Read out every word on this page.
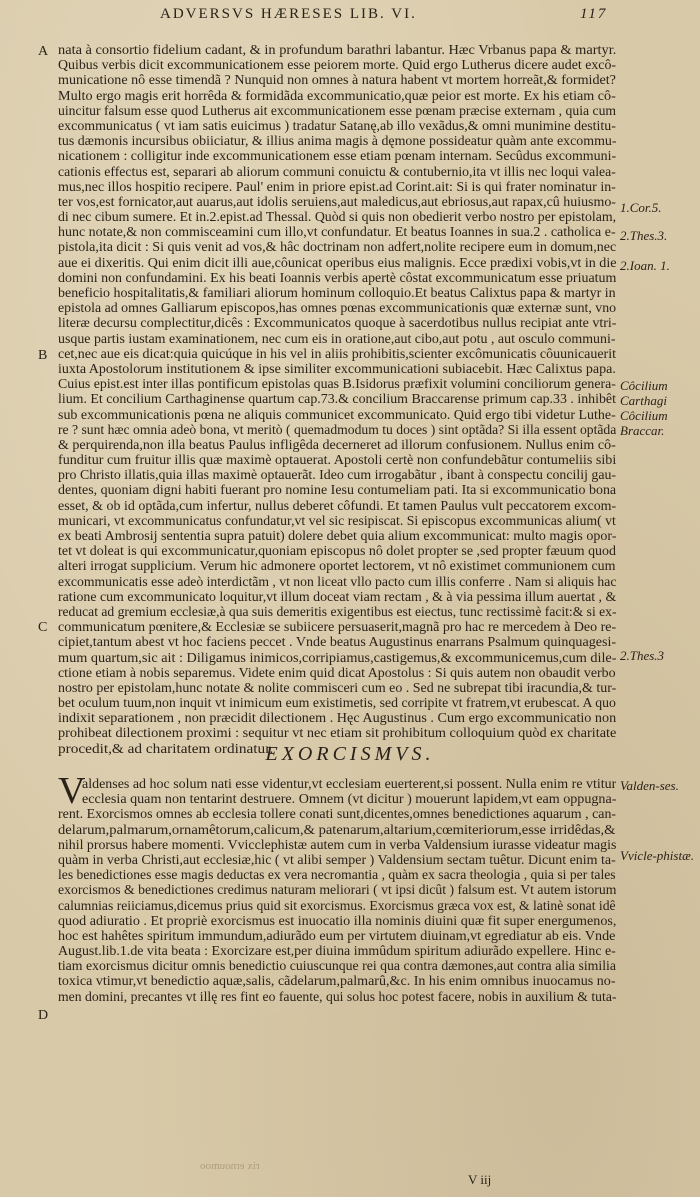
ADVERSVS HÆRESES LIB. VI.	117
A
B
C
D
nata à consortio fidelium cadant, & in profundum barathri labantur. Hæc Vrbanus papa & martyr.
Quibus verbis dicit excommunicationem esse peiorem morte. Quid ergo Lutherus dicere audet excô-
municatione nô esse timendã ? Nunquid non omnes à natura habent vt mortem horreãt,& formidet?
Multo ergo magis erit horrêda & formidãda excommunicatio,quæ peior est morte. Ex his etiam cô-
uincitur falsum esse quod Lutherus ait excommunicationem esse pœnam præcise externam , quia cum
excommunicatus ( vt iam satis euicimus ) tradatur Satanę,ab illo vexãdus,& omni munimine destitu-
tus dæmonis incursibus obiiciatur, & illius anima magis à dęmone possideatur quàm ante excommu-
nicationem : colligitur inde excommunicationem esse etiam pœnam internam. Secûdus excommuni-
cationis effectus est, separari ab aliorum communi conuictu & contubernio,ita vt illis nec loqui valea-
mus,nec illos hospitio recipere. Paul' enim in priore epist.ad Corint.ait: Si is qui frater nominatur in-
ter vos,est fornicator,aut auarus,aut idolis seruiens,aut maledicus,aut ebriosus,aut rapax,cû huiusmo-
di nec cibum sumere. Et in.2.epist.ad Thessal. Quòd si quis non obedierit verbo nostro per epistolam,
hunc notate,& non commisceamini cum illo,vt confundatur. Et beatus Ioannes in sua.2 . catholica e-
pistola,ita dicit : Si quis venit ad vos,& hâc doctrinam non adfert,nolite recipere eum in domum,nec
aue ei dixeritis. Qui enim dicit illi aue,côunicat operibus eius malignis. Ecce prædixi vobis,vt in die
domini non confundamini. Ex his beati Ioannis verbis apertè côstat excommunicatum esse priuatum
beneficio hospitalitatis,& familiari aliorum hominum colloquio.Et beatus Calixtus papa & martyr in
epistola ad omnes Galliarum episcopos,has omnes pœnas excommunicationis quæ externæ sunt, vno
literæ decursu complectitur,dicês : Excommunicatos quoque à sacerdotibus nullus recipiat ante vtri-
usque partis iustam examinationem, nec cum eis in oratione,aut cibo,aut potu , aut osculo communi-
cet,nec aue eis dicat:quia quicúque in his vel in aliis prohibitis,scienter excômunicatis côuunicauerit
iuxta Apostolorum institutionem & ipse similiter excommunicationi subiacebit. Hæc Calixtus papa.
Cuius epist.est inter illas pontificum epistolas quas B.Isidorus præfixit volumini conciliorum genera-
lium. Et concilium Carthaginense quartum cap.73.& concilium Braccarense primum cap.33 . inhibêt
sub excommunicationis pœna ne aliquis communicet excommunicato. Quid ergo tibi videtur Luthe-
re ? sunt hæc omnia adeò bona, vt meritò ( quemadmodum tu doces ) sint optãda? Si illa essent optãda
& perquirenda,non illa beatus Paulus infligêda decerneret ad illorum confusionem. Nullus enim cô-
funditur cum fruitur illis quæ maximè optauerat. Apostoli certè non confundebãtur contumeliis sibi
pro Christo illatis,quia illas maximè optauerãt. Ideo cum irrogabãtur , ibant à conspectu concilij gau-
dentes, quoniam digni habiti fuerant pro nomine Iesu contumeliam pati. Ita si excommunicatio bona
esset, & ob id optãda,cum infertur, nullus deberet côfundi. Et tamen Paulus vult peccatorem excom-
municari, vt excommunicatus confundatur,vt vel sic resipiscat. Si episcopus excommunicas alium( vt
ex beati Ambrosij sententia supra patuit) dolere debet quia alium excommunicat: multo magis opor-
tet vt doleat is qui excommunicatur,quoniam episcopus nô dolet propter se ,sed propter fæuum quod
alteri irrogat supplicium. Verum hic admonere oportet lectorem, vt nô existimet communionem cum
excommunicatis esse adeò interdictãm , vt non liceat vllo pacto cum illis conferre . Nam si aliquis hac
ratione cum excommunicato loquitur,vt illum doceat viam rectam , & à via pessima illum auertat , &
reducat ad gremium ecclesiæ,à qua suis demeritis exigentibus est eiectus, tunc rectissimè facit:& si ex-
communicatum pœnitere,& Ecclesiæ se subiicere persuaserit,magnã pro hac re mercedem à Deo re-
cipiet,tantum abest vt hoc faciens peccet . Vnde beatus Augustinus enarrans Psalmum quinquagesi-
mum quartum,sic ait : Diligamus inimicos,corripiamus,castigemus,& excommunicemus,cum dile-
ctione etiam à nobis separemus. Videte enim quid dicat Apostolus : Si quis autem non obaudit verbo
nostro per epistolam,hunc notate & nolite commisceri cum eo . Sed ne subrepat tibi iracundia,& tur-
bet oculum tuum,non inquit vt inimicum eum existimetis, sed corripite vt fratrem,vt erubescat. A quo
indixit separationem , non præcidit dilectionem . Hęc Augustinus . Cum ergo excommunicatio non
prohibeat dilectionem proximi : sequitur vt nec etiam sit prohibitum colloquium quòd ex charitate
procedit,& ad charitatem ordinatur.
EXORCISMVS.
V
aldenses ad hoc solum nati esse videntur,vt ecclesiam euerterent,si possent. Nulla enim re vtitur
ecclesia quam non tentarint destruere. Omnem (vt dicitur ) mouerunt lapidem,vt eam oppugna-
rent. Exorcismos omnes ab ecclesia tollere conati sunt,dicentes,omnes benedictiones aquarum , can-
delarum,palmarum,ornamêtorum,calicum,& patenarum,altarium,cœmiteriorum,esse irridêdas,&
nihil prorsus habere momenti. Vvicclephistæ autem cum in verba Valdensium iurasse videatur magis
quàm in verba Christi,aut ecclesiæ,hic ( vt alibi semper ) Valdensium sectam tuêtur. Dicunt enim ta-
les benedictiones esse magis deductas ex vera necromantia , quàm ex sacra theologia , quia si per tales
exorcismos & benedictiones credimus naturam meliorari ( vt ipsi dicût ) falsum est. Vt autem istorum
calumnias reiiciamus,dicemus prius quid sit exorcismus. Exorcismus græca vox est, & latinè sonat idê
quod adiuratio . Et propriè exorcismus est inuocatio illa nominis diuini quæ fit super energumenos,
hoc est hahêtes spiritum immundum,adiurãdo eum per virtutem diuinam,vt egrediatur ab eis. Vnde
August.lib.1.de vita beata : Exorcizare est,per diuina immûdum spiritum adiurãdo expellere. Hinc e-
tiam exorcismus dicitur omnis benedictio cuiuscunque rei qua contra dæmones,aut contra alia similia
toxica vtimur,vt benedictio aquæ,salis, cãdelarum,palmarû,&c. In his enim omnibus inuocamus no-
men domini, precantes vt illę res fint eo fauente, qui solus hoc potest facere, nobis in auxilium & tuta-
1.Cor.5.
2.Thes.3.
2.Ioan. 1.
Côcilium Carthagi
Côcilium Braccar.
2.Thes.3
Valden-ses.
Vvicle-phistæ.
rix ernoumoo
V iij
